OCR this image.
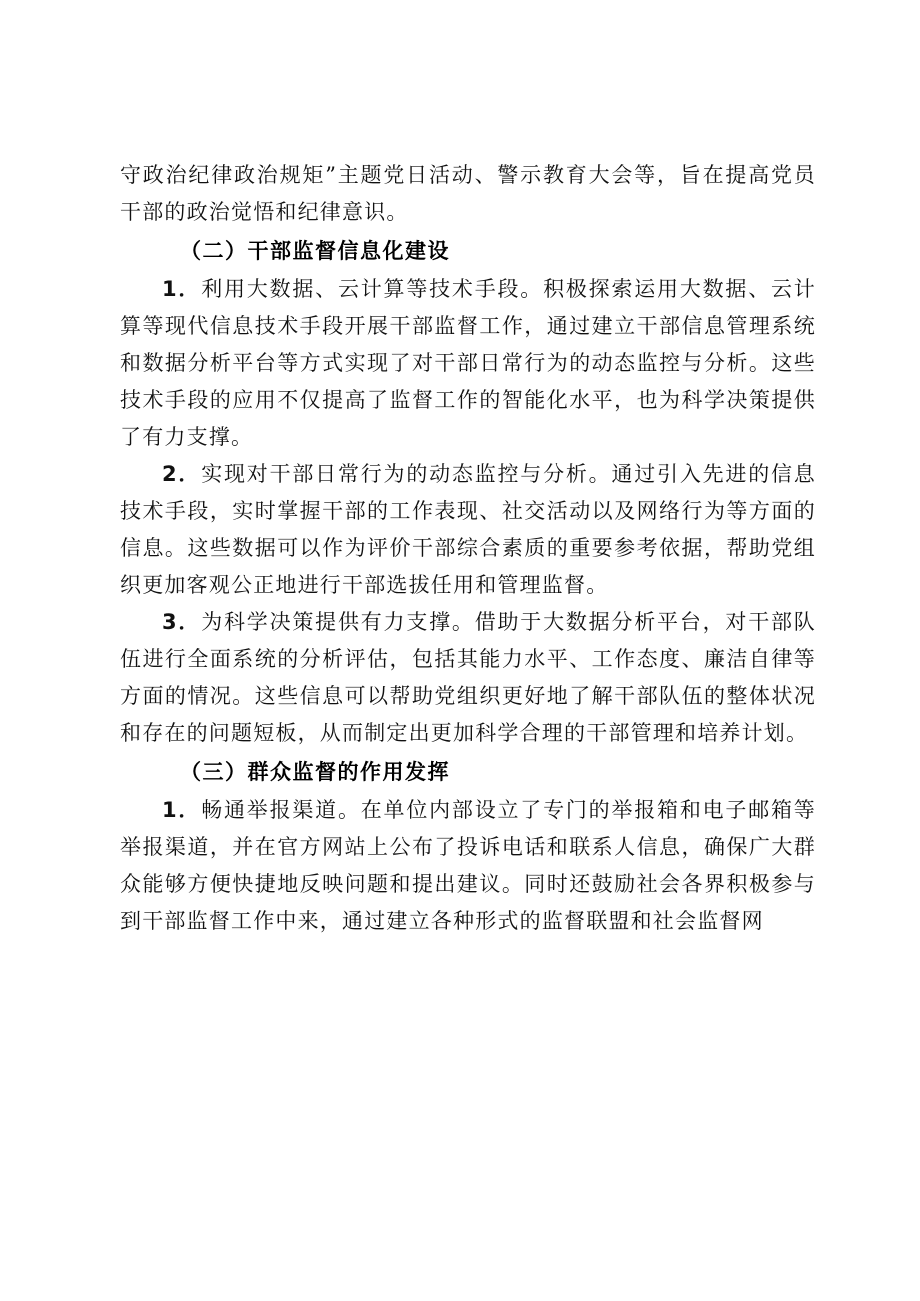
守政治纪律政治规矩”主题党日活动、警示教育大会等，旨在提高党员干部的政治觉悟和纪律意识。

（二）干部监督信息化建设

1．利用大数据、云计算等技术手段。积极探索运用大数据、云计算等现代信息技术手段开展干部监督工作，通过建立干部信息管理系统和数据分析平台等方式实现了对干部日常行为的动态监控与分析。这些技术手段的应用不仅提高了监督工作的智能化水平，也为科学决策提供了有力支撑。

2．实现对干部日常行为的动态监控与分析。通过引入先进的信息技术手段，实时掌握干部的工作表现、社交活动以及网络行为等方面的信息。这些数据可以作为评价干部综合素质的重要参考依据，帮助党组织更加客观公正地进行干部选拔任用和管理监督。

3．为科学决策提供有力支撑。借助于大数据分析平台，对干部队伍进行全面系统的分析评估，包括其能力水平、工作态度、廉洁自律等方面的情况。这些信息可以帮助党组织更好地了解干部队伍的整体状况和存在的问题短板，从而制定出更加科学合理的干部管理和培养计划。

（三）群众监督的作用发挥

1．畅通举报渠道。在单位内部设立了专门的举报箱和电子邮箱等举报渠道，并在官方网站上公布了投诉电话和联系人信息，确保广大群众能够方便快捷地反映问题和提出建议。同时还鼓励社会各界积极参与到干部监督工作中来，通过建立各种形式的监督联盟和社会监督网
